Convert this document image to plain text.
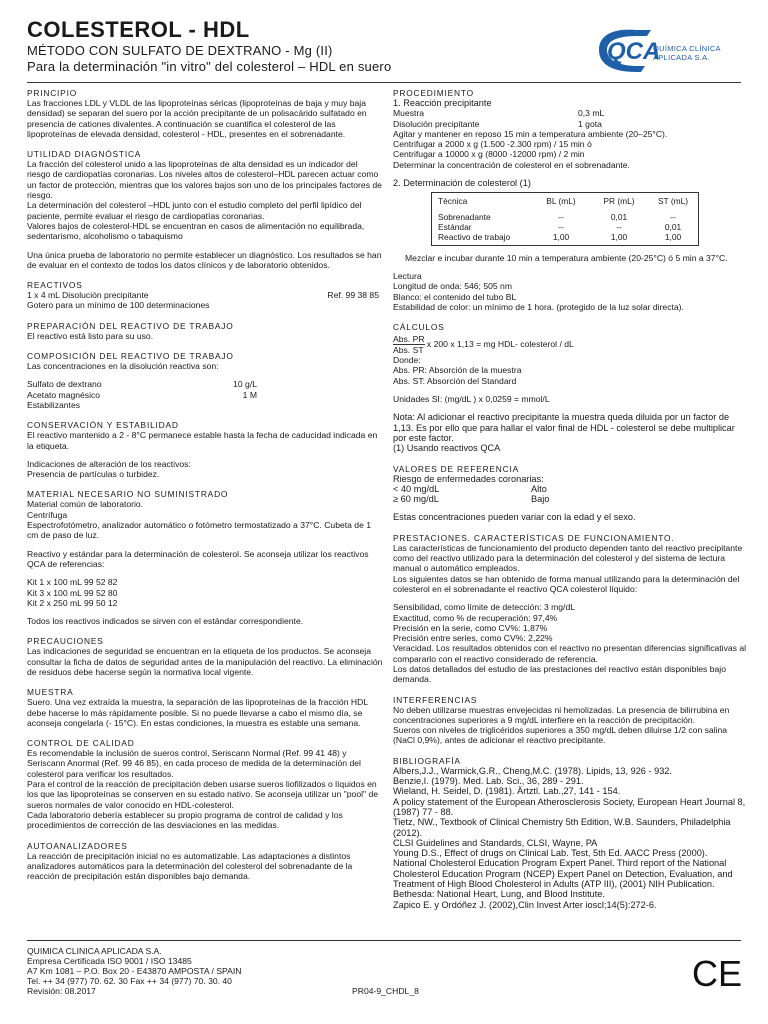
COLESTEROL - HDL
MÉTODO CON SULFATO DE DEXTRANO - Mg (II)
Para la determinación "in vitro" del colesterol – HDL en suero
QCA
QUÍMICA CLÍNICA
APLICADA S.A.
PRINCIPIO

Las fracciones LDL y VLDL de las lipoproteínas séricas (lipoproteínas de baja y muy baja densidad) se separan del suero por la acción precipitante de un polisacárido sulfatado en presencia de cationes divalentes. A continuación se cuantifica el colesterol de las lipoproteínas de elevada densidad, colesterol - HDL, presentes en el sobrenadante.

UTILIDAD DIAGNÓSTICA

La fracción del colesterol unido a las lipoproteínas de alta densidad es un indicador del riesgo de cardiopatías coronarias. Los niveles altos de colesterol–HDL parecen actuar como un factor de protección, mientras que los valores bajos son uno de los principales factores de riesgo.

La determinación del colesterol –HDL junto con el estudio completo del perfil lipídico del paciente, permite evaluar el riesgo de cardiopatías coronarias.

Valores bajos de colesterol-HDL se encuentran en casos de alimentación no equilibrada, sedentarismo, alcoholismo o tabaquismo

Una única prueba de laboratorio no permite establecer un diagnóstico. Los resultados se han de evaluar en el contexto de todos los datos clínicos y de laboratorio obtenidos.

REACTIVOS
1 x 4 mL Disolución precipitante	Ref. 99 38 85

Gotero para un mínimo de 100 determinaciones

PREPARACIÓN DEL REACTIVO DE TRABAJO

El reactivo está listo para su uso.

COMPOSICIÓN DEL REACTIVO DE TRABAJO

Las concentraciones en la disolución reactiva son:

Sulfato de dextrano	10 g/L
Acetato magnésico	1 M
Estabilizantes
CONSERVACIÓN Y ESTABILIDAD

El reactivo mantenido a 2 - 8°C permanece estable hasta la fecha de caducidad indicada en la etiqueta.

Indicaciones de alteración de los reactivos:

Presencia de partículas o turbidez.

MATERIAL NECESARIO NO SUMINISTRADO

Material común de laboratorio.

Centrífuga

Espectrofotómetro, analizador automático o fotómetro termostatizado a 37°C. Cubeta de 1 cm de paso de luz.

Reactivo y estándar para la determinación de colesterol. Se aconseja utilizar los reactivos QCA de referencias:

Kit 1 x 100 mL 99 52 82

Kit 3 x 100 mL 99 52 80

Kit 2 x 250 mL 99 50 12

Todos los reactivos indicados se sirven con el estándar correspondiente.

PRECAUCIONES

Las indicaciones de seguridad se encuentran en la etiqueta de los productos. Se aconseja consultar la ficha de datos de seguridad antes de la manipulación del reactivo. La eliminación de residuos debe hacerse según la normativa local vigente.

MUESTRA

Suero. Una vez extraída la muestra, la separación de las lipoproteínas de la fracción HDL debe hacerse lo más rápidamente posible. Si no puede llevarse a cabo el mismo día, se aconseja congelarla (- 15°C). En estas condiciones, la muestra es estable una semana.

CONTROL DE CALIDAD

Es recomendable la inclusión de sueros control, Seriscann Normal (Ref. 99 41 48) y Seriscann Anormal (Ref. 99 46 85), en cada proceso de medida de la determinación del colesterol para verificar los resultados.

Para el control de la reacción de precipitación deben usarse sueros liofilizados o líquidos en los que las lipoproteínas se conserven en su estado nativo. Se aconseja utilizar un "pool" de sueros normales de valor conocido en HDL-colesterol.

Cada laboratorio debería establecer su propio programa de control de calidad y los procedimientos de corrección de las desviaciones en las medidas.

AUTOANALIZADORES

La reacción de precipitación inicial no es automatizable. Las adaptaciones a distintos analizadores automáticos para la determinación del colesterol del sobrenadante de la reacción de precipitación están disponibles bajo demanda.

PROCEDIMIENTO

1. Reacción precipitante

Muestra	0,3 mL
Disolución precipitante	1 gota

Agitar y mantener en reposo 15 min a temperatura ambiente (20–25°C).

Centrifugar a 2000 x g (1.500 -2.300 rpm) / 15 min ó

Centrifugar a 10000 x g (8000 -12000 rpm) / 2 min

Determinar la concentración de colesterol en el sobrenadante.

2. Determinación de colesterol (1)

Técnica	BL (mL)	PR (mL)	ST (mL)
Sobrenadante	--	0,01	--
Estándar	--	--	0,01
Reactivo de trabajo	1,00	1,00	1,00

Mezclar e incubar durante 10 min a temperatura ambiente (20-25°C) ó 5 min a 37°C.

Lectura

Longitud de onda: 546; 505 nm

Blanco: el contenido del tubo BL

Estabilidad de color: un mínimo de 1 hora. (protegido de la luz solar directa).

CÁLCULOS
$\frac{\text{Abs. PR}}{\text{Abs. ST}}$ x 200 x 1,13 = mg HDL- colesterol / dL

Donde:

Abs. PR: Absorción de la muestra

Abs. ST: Absorción del Standard

Unidades SI: (mg/dL ) x 0,0259 = mmol/L

Nota: Al adicionar el reactivo precipitante la muestra queda diluida por un factor de 1,13. Es por ello que para hallar el valor final de HDL - colesterol se debe multiplicar por este factor.

(1) Usando reactivos QCA

VALORES DE REFERENCIA

Riesgo de enfermedades coronarias:

< 40 mg/dL	Alto
≥ 60 mg/dL	Bajo

Estas concentraciones pueden variar con la edad y el sexo.

PRESTACIONES. CARACTERÍSTICAS DE FUNCIONAMIENTO.

Las características de funcionamiento del producto dependen tanto del reactivo precipitante como del reactivo utilizado para la determinación del colesterol y del sistema de lectura manual o automático empleados.

Los siguientes datos se han obtenido de forma manual utilizando para la determinación del colesterol en el sobrenadante el reactivo QCA colesterol líquido:

Sensibilidad, como límite de detección: 3 mg/dL

Exactitud, como % de recuperación: 97,4%

Precisión en la serie, como CV%: 1,87%

Precisión entre series, como CV%: 2,22%

Veracidad. Los resultados obtenidos con el reactivo no presentan diferencias significativas al compararlo con el reactivo considerado de referencia.

Los datos detallados del estudio de las prestaciones del reactivo están disponibles bajo demanda.

INTERFERENCIAS

No deben utilizarse muestras envejecidas ni hemolizadas. La presencia de bilirrubina en concentraciones superiores a 9 mg/dL interfiere en la reacción de precipitación.

Sueros con niveles de triglicéridos superiores a 350 mg/dL deben diluirse 1/2 con salina (NaCl 0,9%), antes de adicionar el reactivo precipitante.

BIBLIOGRAFÍA

Albers,J.J., Warmick,G.R., Cheng,M.C. (1978). Lipids, 13, 926 - 932.

Benzie,I. (1979). Med. Lab. Sci., 36, 289 - 291.

Wieland, H. Seidel, D. (1981). Ärtztl. Lab.,27, 141 - 154.

A policy statement of the European Atherosclerosis Society, European Heart Journal 8,(1987) 77 - 88.

Tietz, NW., Textbook of Clinical Chemistry 5th Edition, W.B. Saunders, Philadelphia (2012).

CLSI Guidelines and Standards, CLSI, Wayne, PA

Young D.S., Effect of drugs on Clinical Lab. Test, 5th Ed. AACC Press (2000).

National Cholesterol Education Program Expert Panel. Third report of the National Cholesterol Education Program (NCEP) Expert Panel on Detection, Evaluation, and Treatment of High Blood Cholesterol in Adults (ATP III), (2001) NIH Publication. Bethesda: National Heart, Lung, and Blood Institute.

Zapico E. y Ordóñez J. (2002),Clin Invest Arter ioscl;14(5):272-6.

QUIMICA CLINICA APLICADA S.A.
Empresa Certificada ISO 9001 / ISO 13485
A7 Km 1081 – P.O. Box 20 - E43870 AMPOSTA / SPAIN
Tel. ++ 34 (977) 70. 62. 30 Fax ++ 34 (977) 70. 30. 40
Revisión: 08.2017	PR04-9_CHDL_8	CE
